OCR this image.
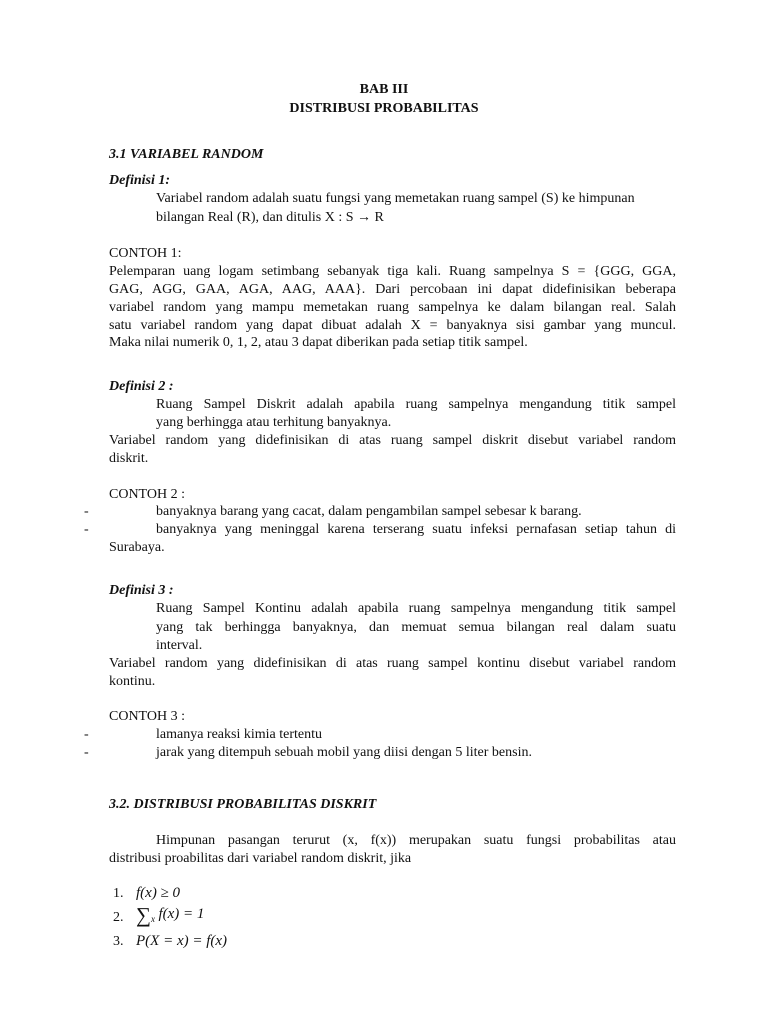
BAB III
DISTRIBUSI PROBABILITAS
3.1 VARIABEL RANDOM
Definisi 1:
Variabel random adalah suatu fungsi yang memetakan ruang sampel (S) ke himpunan
bilangan Real (R), dan ditulis X : S → R
CONTOH 1:
Pelemparan uang logam setimbang sebanyak tiga kali. Ruang sampelnya S = {GGG, GGA,
GAG, AGG, GAA, AGA, AAG, AAA}. Dari percobaan ini dapat didefinisikan beberapa
variabel random yang mampu memetakan ruang sampelnya ke dalam bilangan real. Salah
satu variabel random yang dapat dibuat adalah X = banyaknya sisi gambar yang muncul.
Maka nilai numerik 0, 1, 2, atau 3 dapat diberikan pada setiap titik sampel.
Definisi 2 :
Ruang Sampel Diskrit adalah apabila ruang sampelnya mengandung titik sampel
yang berhingga atau terhitung banyaknya.
Variabel random yang didefinisikan di atas ruang sampel diskrit disebut variabel random
diskrit.
CONTOH 2 :
-	banyaknya barang yang cacat, dalam pengambilan sampel sebesar k barang.
-	banyaknya yang meninggal karena terserang suatu infeksi pernafasan setiap tahun di
Surabaya.
Definisi 3 :
Ruang Sampel Kontinu adalah apabila ruang sampelnya mengandung titik sampel
yang tak berhingga banyaknya, dan memuat semua bilangan real dalam suatu
interval.
Variabel random yang didefinisikan di atas ruang sampel kontinu disebut variabel random
kontinu.
CONTOH 3 :
-	lamanya reaksi kimia tertentu
-	jarak yang ditempuh sebuah mobil yang diisi dengan 5 liter bensin.
3.2. DISTRIBUSI PROBABILITAS DISKRIT
Himpunan pasangan terurut (x, f(x)) merupakan suatu fungsi probabilitas atau
distribusi proabilitas dari variabel random diskrit, jika
1. f(x) ≥ 0
2. $\sum_x$ f(x) = 1
3. P(X = x) = f(x)
